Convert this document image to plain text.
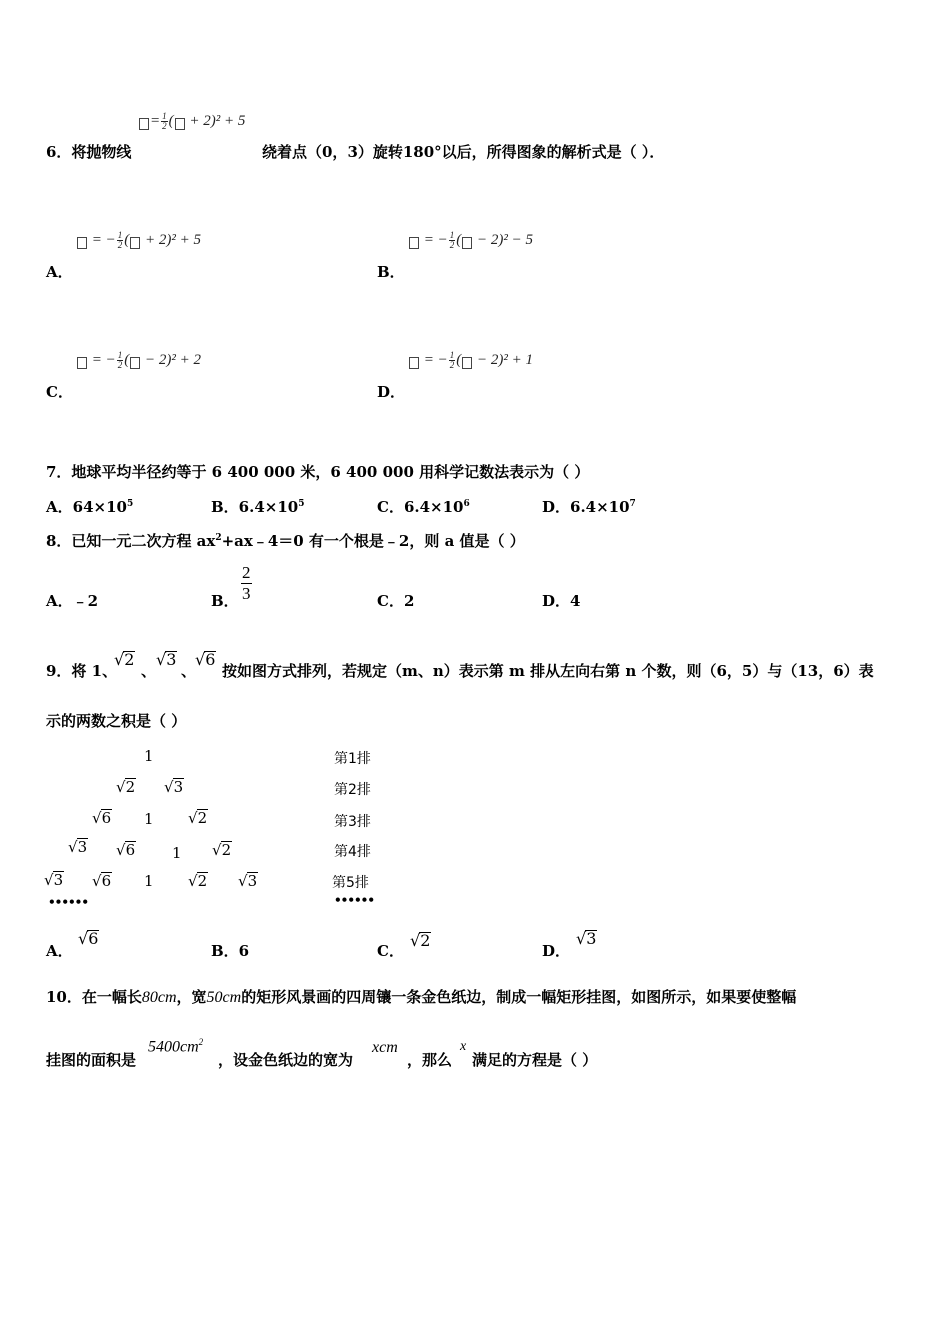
= $\frac{1}{2}$ ( + 2)² + 5
6．将抛物线	绕着点（0，3）旋转180°以后，所得图象的解析式是（ ）．
= − $\frac{1}{2}$ ( + 2)² + 5
A．
= − $\frac{1}{2}$ ( − 2)² − 5
B．
= − $\frac{1}{2}$ ( − 2)² + 2
C．
= − $\frac{1}{2}$ ( − 2)² + 1
D．
7．地球平均半径约等于 6 400 000 米，6 400 000 用科学记数法表示为（ ）
A．$64\times 10^5$	B．$6.4\times 10^5$	C．$6.4\times 10^6$	D．$6.4\times 10^7$
8．已知一元二次方程 $ax^2+ax﹣4=0$ 有一个根是﹣2，则 a 值是（ ）
A．﹣2	B．
2
3	C．2	D．4
9．将 1、
√2
、
√3
、
√6
按如图方式排列，若规定（m、n）表示第 m 排从左向右第 n 个数，则（6，5）与（13，6）表
示的两数之积是（ ）
1
√2 √3
√6 1 √2
√3 √6 1 √2
√3 √6 1 √2 √3
••••••
第1排
第2排
第3排
第4排
第5排
••••••
A．
√6
B．6	C．
√2
D．
√3
10．在一幅长80cm，宽50cm的矩形风景画的四周镶一条金色纸边，制成一幅矩形挂图，如图所示，如果要使整幅
挂图的面积是
$5400cm^2$
，设金色纸边的宽为
xcm
，那么
x
满足的方程是（ ）
